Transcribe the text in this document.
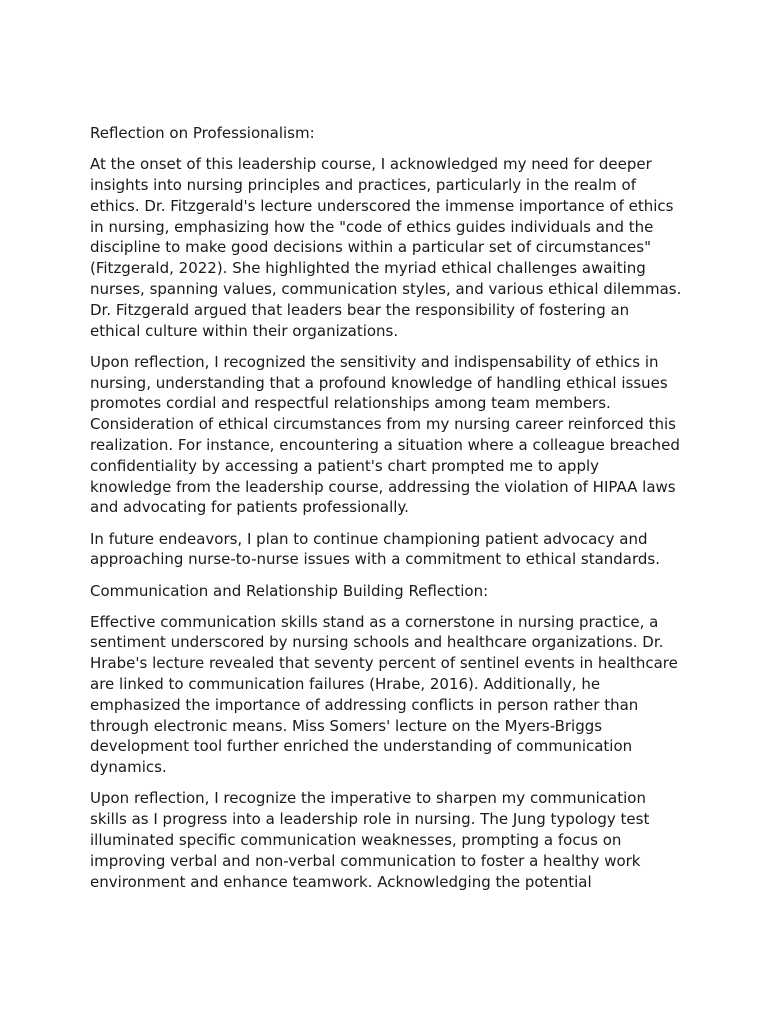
Reflection on Professionalism:

At the onset of this leadership course, I acknowledged my need for deeper insights into nursing principles and practices, particularly in the realm of ethics. Dr. Fitzgerald's lecture underscored the immense importance of ethics in nursing, emphasizing how the "code of ethics guides individuals and the discipline to make good decisions within a particular set of circumstances" (Fitzgerald, 2022). She highlighted the myriad ethical challenges awaiting nurses, spanning values, communication styles, and various ethical dilemmas. Dr. Fitzgerald argued that leaders bear the responsibility of fostering an ethical culture within their organizations.

Upon reflection, I recognized the sensitivity and indispensability of ethics in nursing, understanding that a profound knowledge of handling ethical issues promotes cordial and respectful relationships among team members. Consideration of ethical circumstances from my nursing career reinforced this realization. For instance, encountering a situation where a colleague breached confidentiality by accessing a patient's chart prompted me to apply knowledge from the leadership course, addressing the violation of HIPAA laws and advocating for patients professionally.

In future endeavors, I plan to continue championing patient advocacy and approaching nurse-to-nurse issues with a commitment to ethical standards.

Communication and Relationship Building Reflection:

Effective communication skills stand as a cornerstone in nursing practice, a sentiment underscored by nursing schools and healthcare organizations. Dr. Hrabe's lecture revealed that seventy percent of sentinel events in healthcare are linked to communication failures (Hrabe, 2016). Additionally, he emphasized the importance of addressing conflicts in person rather than through electronic means. Miss Somers' lecture on the Myers-Briggs development tool further enriched the understanding of communication dynamics.

Upon reflection, I recognize the imperative to sharpen my communication skills as I progress into a leadership role in nursing. The Jung typology test illuminated specific communication weaknesses, prompting a focus on improving verbal and non-verbal communication to foster a healthy work environment and enhance teamwork. Acknowledging the potential
